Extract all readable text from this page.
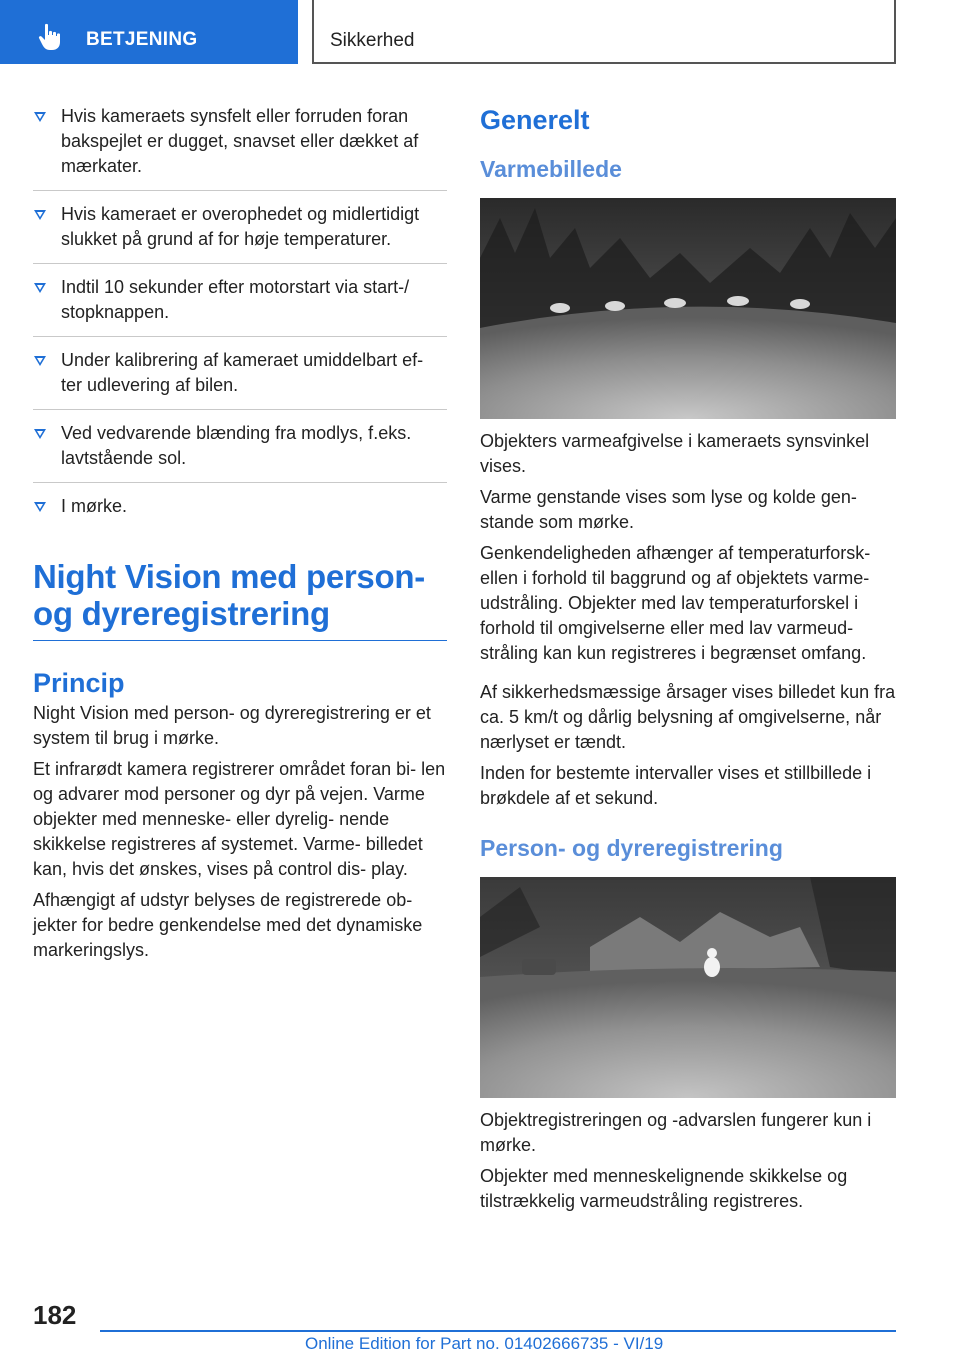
BETJENING	Sikkerhed
Hvis kameraets synsfelt eller forruden foran bakspejlet er dugget, snavset eller dækket af mærkater.
Hvis kameraet er overophedet og midlertidigt slukket på grund af for høje temperaturer.
Indtil 10 sekunder efter motorstart via start-/ stopknappen.
Under kalibrering af kameraet umiddelbart ef- ter udlevering af bilen.
Ved vedvarende blænding fra modlys, f.eks. lavtstående sol.
I mørke.
Night Vision med person- og dyreregistrering
Princip

Night Vision med person- og dyreregistrering er et system til brug i mørke.

Et infrarødt kamera registrerer området foran bi- len og advarer mod personer og dyr på vejen. Varme objekter med menneske- eller dyrelig- nende skikkelse registreres af systemet. Varme- billedet kan, hvis det ønskes, vises på control dis- play.

Afhængigt af udstyr belyses de registrerede ob- jekter for bedre genkendelse med det dynamiske markeringslys.

Generelt
Varmebillede

Objekters varmeafgivelse i kameraets synsvinkel vises.

Varme genstande vises som lyse og kolde gen- stande som mørke.

Genkendeligheden afhænger af temperaturforsk- ellen i forhold til baggrund og af objektets varme- udstråling. Objekter med lav temperaturforskel i forhold til omgivelserne eller med lav varmeud- stråling kan kun registreres i begrænset omfang.

Af sikkerhedsmæssige årsager vises billedet kun fra ca. 5 km/t og dårlig belysning af omgivelserne, når nærlyset er tændt.

Inden for bestemte intervaller vises et stillbillede i brøkdele af et sekund.

Person- og dyreregistrering

Objektregistreringen og -advarslen fungerer kun i mørke.

Objekter med menneskelignende skikkelse og tilstrækkelig varmeudstråling registreres.

182
Online Edition for Part no. 01402666735 - VI/19
